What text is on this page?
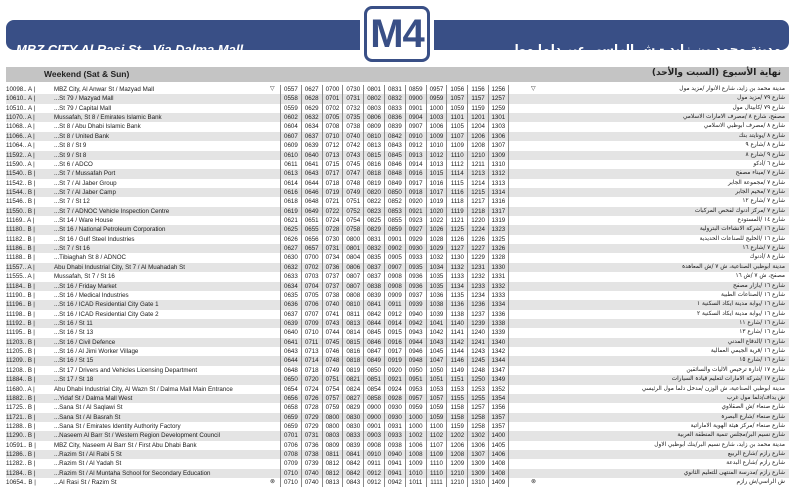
MBZ CITY Al Rasi St - Via Dalma Mall	M4	مدينة محمد بن زايد - ش.الراسي عبر دلما مول
Weekend (Sat & Sun)	نهاية الأسبوع (السبت والأحد)
10098.. A |	MBZ City, Al Anwar St / Mazyad Mall	▽	0557	0627	0700	0730	0801	0831	0859	0957	1056	1156	1256	▽	مدينة محمد بن زايد، شارع الأنوار /مزيد مول
10610.. A |	...St 79 / Mazyad Mall	0558	0628	0701	0731	0802	0832	0900	0959	1057	1157	1257	شارع ٧٩ /مزيد مول
10510.. A |	...St 79 / Capital Mall	0559	0629	0702	0732	0803	0833	0901	1000	1059	1159	1259	شارع ٧٩ /كابيتال مول
11070.. A |	Mussafah, St 8 / Emirates Islamic Bank	0602	0632	0705	0735	0806	0836	0904	1003	1101	1201	1301	مصفح، شارع ٨ /مصرف الامارات الاسلامي
11068.. A |	...St 8 / Abu Dhabi Islamic Bank	0604	0634	0708	0738	0809	0839	0907	1006	1105	1204	1303	شارع ٨ /مصرف أبوظبي الاسلامي
11066.. A |	...St 8 / United Bank	0607	0637	0710	0740	0810	0842	0910	1009	1107	1206	1306	شارع ٨ /يونايتد بنك
11064.. A |	...St 8 / St 9	0609	0639	0712	0742	0813	0843	0912	1010	1109	1208	1307	شارع ٨ /شارع ٩
11592.. A |	...St 9 / St 8	0610	0640	0713	0743	0815	0845	0913	1012	1110	1210	1309	شارع ٩ /شارع ٨
11590.. A |	...St 6 / ADCO	0611	0641	0715	0745	0816	0846	0914	1013	1112	1211	1310	شارع ٦ /أدكو
11540.. B |	...St 7 / Mussafah Port	0613	0643	0717	0747	0818	0848	0916	1015	1114	1213	1312	شارع ٧ /ميناء مصفح
11542.. B |	...St 7 / Al Jaber Group	0614	0644	0718	0748	0819	0849	0917	1016	1115	1214	1313	شارع ٧ /مجموعة الجابر
11544.. B |	...St 7 / Al Jaber Camp	0616	0646	0719	0749	0820	0850	0918	1017	1116	1215	1314	شارع ٧ /مخيم الجابر
11546.. B |	...St 7 / St 12	0618	0648	0721	0751	0822	0852	0920	1019	1118	1217	1316	شارع ٧ /شارع ١٢
11550.. B |	...St 7 / ADNOC Vehicle Inspection Centre	0619	0649	0722	0752	0823	0853	0921	1020	1119	1218	1317	شارع ٧ /مركز أدنوك لفحص المركبات
11169.. A |	...St 14 / Ware House	0621	0651	0724	0754	0825	0855	0923	1022	1121	1220	1319	شارع ١٤ /المستودع
11180.. B |	...St 16 / National Petroleum Corporation	0625	0655	0728	0758	0829	0859	0927	1026	1125	1224	1323	شارع ١٦ /شركة الانشاءات البترولية
11182.. B |	...St 16 / Gulf Steel Industries	0626	0656	0730	0800	0831	0901	0929	1028	1126	1226	1325	شارع ١٦ /الخليج للصناعات الحديدية
11186.. B |	...St 7 / St 16	0627	0657	0731	0801	0832	0902	0930	1029	1127	1227	1326	شارع ٧ /شارع ١٦
11188.. B |	...Tibiaghah St 8 / ADNOC	0630	0700	0734	0804	0835	0905	0933	1032	1130	1229	1328	شارع ٨ /أدنوك
11557.. A |	Abu Dhabi Industrial City, St 7 / Al Muahadah St	0632	0702	0736	0806	0837	0907	0935	1034	1132	1231	1330	مدينة أبوظبي الصناعية، ش ٧ /ش المعاهدة
11555.. A |	Mussafah, St 7 / St 16	0633	0703	0737	0807	0837	0908	0936	1035	1133	1232	1331	مصفح، ش ٧ /ش ١٦
11184.. B |	...St 16 / Friday Market	0634	0704	0737	0807	0838	0908	0936	1035	1134	1233	1332	شارع ١٦ /بازار مصفح
11190.. B |	...St 16 / Medical Industries	0635	0705	0738	0808	0839	0909	0937	1036	1135	1234	1333	شارع ١٦ /الصناعات الطبية
11196.. B |	...St 16 / ICAD Residential City Gate 1	0636	0706	0740	0810	0841	0911	0939	1038	1136	1236	1334	شارع ١٦ /بوابة مدينة ايكاد السكنية ١
11198.. B |	...St 16 / ICAD Residential City Gate 2	0637	0707	0741	0811	0842	0912	0940	1039	1138	1237	1336	شارع ١٦ /بوابة مدينة ايكاد السكنية ٢
11192.. B |	...St 16 / St 11	0639	0709	0743	0813	0844	0914	0942	1041	1140	1239	1338	شارع ١٦ /شارع ١١
11195.. B |	...St 16 / St 13	0640	0710	0744	0814	0845	0915	0943	1042	1141	1240	1339	شارع ١٦ /شارع ١٣
11203.. B |	...St 16 / Civil Defence	0641	0711	0745	0815	0846	0916	0944	1043	1142	1241	1340	شارع ١٦ /الدفاع المدني
11205.. B |	...St 16 / Al Jimi Worker Village	0643	0713	0746	0816	0847	0917	0946	1045	1144	1243	1342	شارع ١٦ /قرية الجيمي العمالية
11209.. B |	...St 16 / St 15	0644	0714	0748	0818	0849	0919	0948	1047	1146	1245	1344	شارع ١٦ /شارع ١٥
11208.. B |	...St 17 / Drivers and Vehicles Licensing Department	0648	0718	0749	0819	0850	0920	0950	1050	1149	1248	1347	شارع ١٧ /ادارة ترخيص الاليات والسائقين
11884.. B |	...St 17 / St 18	0650	0720	0751	0821	0851	0921	0951	1051	1151	1250	1349	شارع ١٧ /شركة الامارات لتعليم قيادة السيارات
11680.. A |	Abu Dhabi Industrial City, Al Wazn St / Dalma Mall Main Entrance	0654	0724	0754	0824	0854	0924	0953	1053	1153	1253	1352	مدينة أبوظبي الصناعية، ش الوزن /مدخل دلما مول الرئيسي
11882.. B |	...Yidaf St / Dalma Mall West	0656	0726	0757	0827	0858	0928	0957	1057	1155	1255	1354	ش يداف/دلما مول غرب
11725.. B |	...Sana St / Al Saqlawi St	0658	0728	0759	0829	0900	0930	0959	1059	1158	1257	1356	شارع صنعاء /ش الصقلاوي
11721.. B |	...Sana St / Al Basrah St	0659	0729	0800	0830	0900	0930	1000	1059	1158	1258	1357	شارع صنعاء /شارع البصرة
11288.. B |	...Sana St / Emirates Identity Authority Factory	0659	0729	0800	0830	0901	0931	1000	1100	1159	1258	1357	شارع صنعاء /مركز هيئة الهوية الاماراتية
11290.. B |	...Naseem Al Barr St / Western Region Development Council	0701	0731	0803	0833	0903	0933	1002	1102	1202	1302	1400	شارع نسيم البر/مجلس تنمية المنطقة الغربية
10591.. B |	MBZ City, Naseem Al Barr St / First Abu Dhabi Bank	0706	0736	0809	0839	0908	0938	1006	1107	1206	1306	1405	مدينة محمد بن زايد، شارع نسيم البر/بنك أبوظبي الاول
11286.. B |	...Razim St / Al Rabi 5 St	0708	0738	0811	0841	0910	0940	1008	1109	1208	1307	1406	شارع رازم /شارع الربيع
11282.. B |	...Razim St / Al Yadah St	0709	0739	0812	0842	0911	0941	1009	1110	1209	1309	1408	شارع رازم /شارع البدعة
11284.. B |	...Razim St / Al Muntaha School for Secondary Education	0710	0740	0812	0842	0912	0941	1010	1110	1210	1309	1408	شارع رازم /مدرسة المنتهى للتعليم الثانوي
10654.. B |	...Al Rasi St / Razim St	⊗	0710	0740	0813	0843	0912	0942	1011	1111	1210	1310	1409	⊗	ش الراسي/ش رازم
